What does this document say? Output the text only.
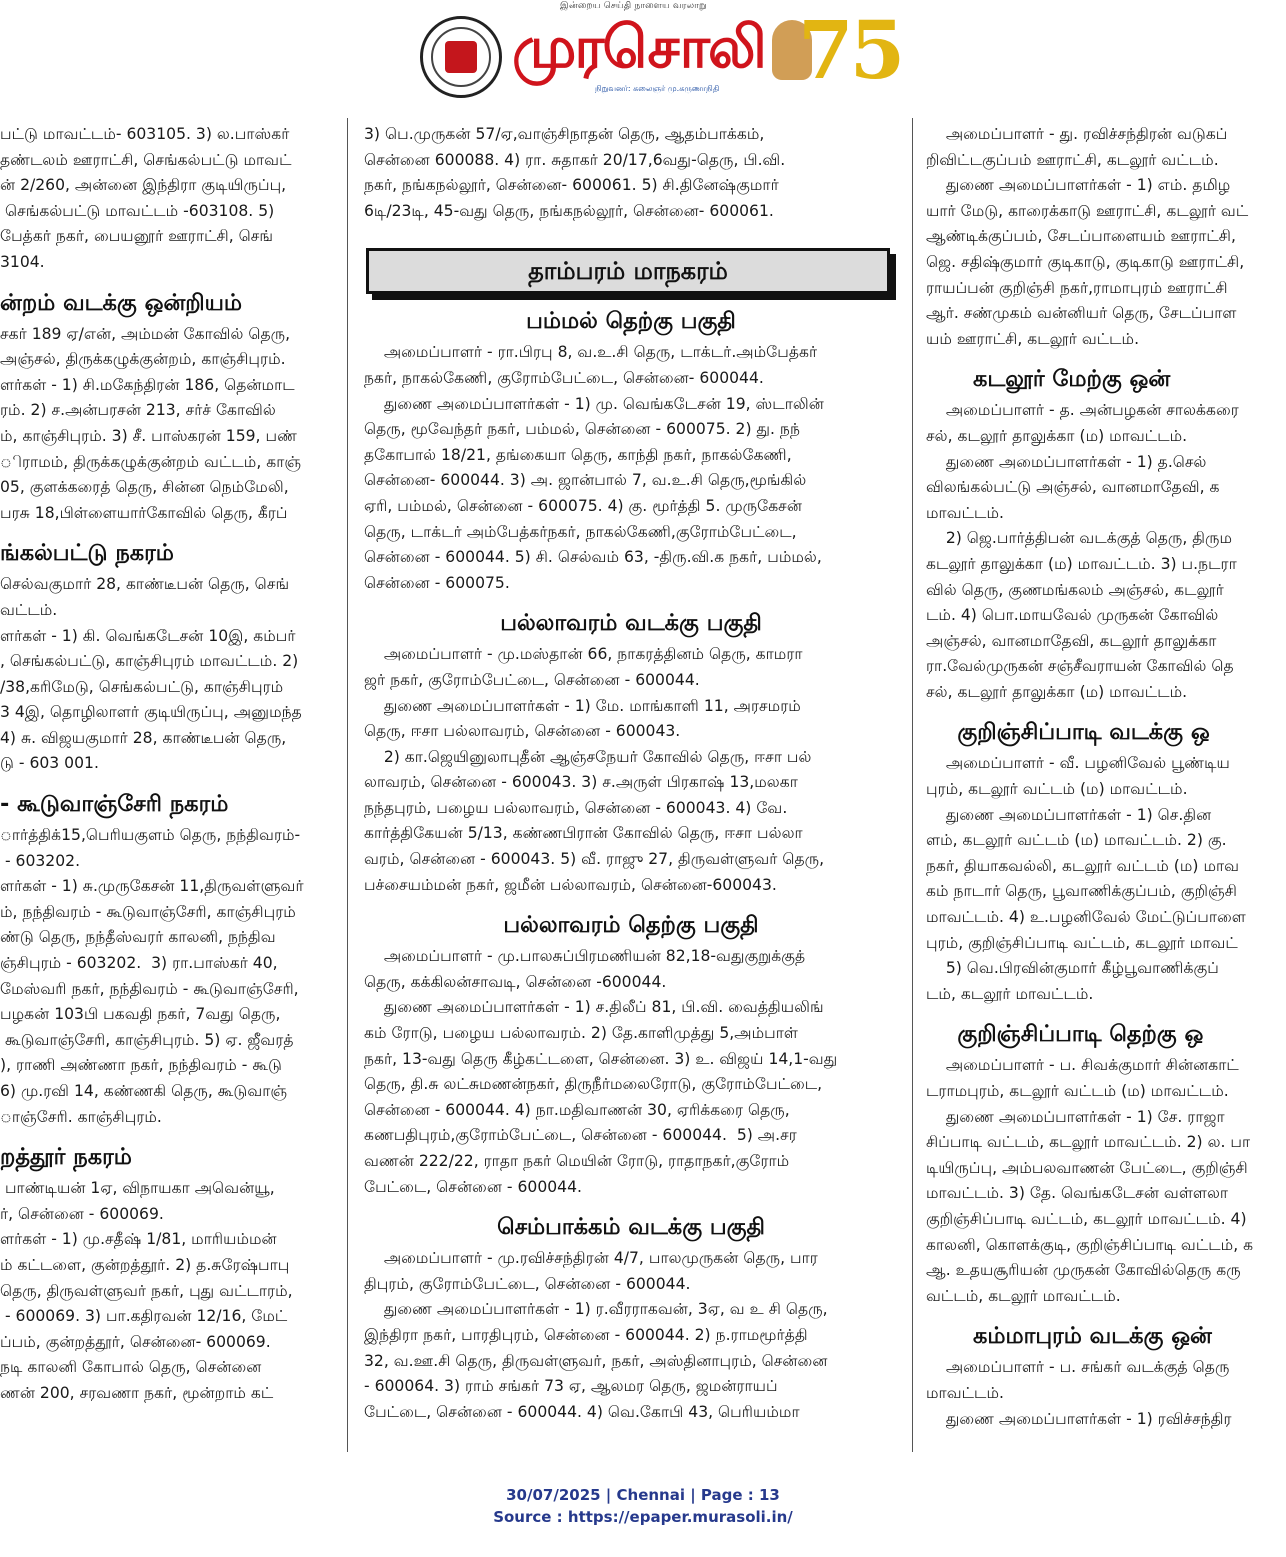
இன்றைய செய்தி நாளைய வரலாறு
முரசொலி
நிறுவனர்: கலைஞர் மு.கருணாநிதி 75
பட்டு மாவட்டம்- 603105. 3) ல.பாஸ்கர்
தண்டலம் ஊராட்சி, செங்கல்பட்டு மாவட்
ன் 2/260, அன்னை இந்திரா குடியிருப்பு,
செங்கல்பட்டு மாவட்டம் -603108. 5)
பேத்கர் நகர், பையனூர் ஊராட்சி, செங்
3104.
ன்றம் வடக்கு ஒன்றியம்
சகர் 189 ஏ/என், அம்மன் கோவில் தெரு,
அஞ்சல், திருக்கழுக்குன்றம், காஞ்சிபுரம்.
ளர்கள் - 1) சி.மகேந்திரன் 186, தென்மாட
ரம். 2) ச.அன்பரசன் 213, சர்ச் கோவில்
ம், காஞ்சிபுரம். 3) சீ. பாஸ்கரன் 159, பண்
ிராமம், திருக்கழுக்குன்றம் வட்டம், காஞ்
05, குளக்கரைத் தெரு, சின்ன நெம்மேலி,
பரசு 18,பிள்ளையார்கோவில் தெரு, கீரப்
ங்கல்பட்டு நகரம்
செல்வகுமார் 28, காண்டீபன் தெரு, செங்
வட்டம்.
ளர்கள் - 1) கி. வெங்கடேசன் 10இ, கம்பர்
, செங்கல்பட்டு, காஞ்சிபுரம் மாவட்டம். 2)
/38,கரிமேடு, செங்கல்பட்டு, காஞ்சிபுரம்
3 4இ, தொழிலாளர் குடியிருப்பு, அனுமந்த
4) சு. விஜயகுமார் 28, காண்டீபன் தெரு,
டு - 603 001.
- கூடுவாஞ்சேரி நகரம்
ார்த்திக்15,பெரியகுளம் தெரு, நந்திவரம்-
- 603202.
ளர்கள் - 1) சு.முருகேசன் 11,திருவள்ளுவர்
ம், நந்திவரம் - கூடுவாஞ்சேரி, காஞ்சிபுரம்
ண்டு தெரு, நந்தீஸ்வரர் காலனி, நந்திவ
ஞ்சிபுரம் - 603202.  3) ரா.பாஸ்கர் 40,
மேஸ்வரி நகர், நந்திவரம் - கூடுவாஞ்சேரி,
பழகன் 103பி பகவதி நகர், 7வது தெரு,
கூடுவாஞ்சேரி, காஞ்சிபுரம். 5) ஏ. ஜீவரத்
), ராணி அண்ணா நகர், நந்திவரம் - கூடு
6) மு.ரவி 14, கண்ணகி தெரு, கூடுவாஞ்
ாஞ்சேரி. காஞ்சிபுரம்.
றத்தூர் நகரம்
பாண்டியன் 1ஏ, விநாயகா அவென்யூ,
ர், சென்னை - 600069.
ளர்கள் - 1) மு.சதீஷ் 1/81, மாரியம்மன்
ம் கட்டளை, குன்றத்தூர். 2) த.சுரேஷ்பாபு
தெரு, திருவள்ளுவர் நகர், புது வட்டாரம்,
- 600069. 3) பா.கதிரவன் 12/16, மேட்
ப்பம், குன்றத்தூர், சென்னை- 600069.
நடி காலனி கோபால் தெரு, சென்னை
ணன் 200, சரவணா நகர், மூன்றாம் கட்
3) பெ.முருகன் 57/ஏ,வாஞ்சிநாதன் தெரு, ஆதம்பாக்கம்,
சென்னை 600088. 4) ரா. சுதாகர் 20/17,6வது-தெரு, பி.வி.
நகர், நங்கநல்லூர், சென்னை- 600061. 5) சி.தினேஷ்குமார்
6டி/23டி, 45-வது தெரு, நங்கநல்லூர், சென்னை- 600061.
தாம்பரம் மாநகரம்
பம்மல் தெற்கு பகுதி
அமைப்பாளர் - ரா.பிரபு 8, வ.உ.சி தெரு, டாக்டர்.அம்பேத்கர்
நகர், நாகல்கேணி, குரோம்பேட்டை, சென்னை- 600044.
துணை அமைப்பாளர்கள் - 1) மு. வெங்கடேசன் 19, ஸ்டாலின்
தெரு, மூவேந்தர் நகர், பம்மல், சென்னை - 600075. 2) து. நந்
தகோபால் 18/21, தங்கையா தெரு, காந்தி நகர், நாகல்கேணி,
சென்னை- 600044. 3) அ. ஜான்பால் 7, வ.உ.சி தெரு,மூங்கில்
ஏரி, பம்மல், சென்னை - 600075. 4) கு. மூர்த்தி 5. முருகேசன்
தெரு, டாக்டர் அம்பேத்கர்நகர், நாகல்கேணி,குரோம்பேட்டை,
சென்னை - 600044. 5) சி. செல்வம் 63, -திரு.வி.க நகர், பம்மல்,
சென்னை - 600075.
பல்லாவரம் வடக்கு பகுதி
அமைப்பாளர் - மு.மஸ்தான் 66, நாகரத்தினம் தெரு, காமரா
ஜர் நகர், குரோம்பேட்டை, சென்னை - 600044.
துணை அமைப்பாளர்கள் - 1) மே. மாங்காளி 11, அரசமரம்
தெரு, ஈசா பல்லாவரம், சென்னை - 600043.
2) கா.ஜெயினுலாபுதீன் ஆஞ்சநேயர் கோவில் தெரு, ஈசா பல்
லாவரம், சென்னை - 600043. 3) ச.அருள் பிரகாஷ் 13,மலகா
நந்தபுரம், பழைய பல்லாவரம், சென்னை - 600043. 4) வே.
கார்த்திகேயன் 5/13, கண்ணபிரான் கோவில் தெரு, ஈசா பல்லா
வரம், சென்னை - 600043. 5) வீ. ராஜு 27, திருவள்ளுவர் தெரு,
பச்சையம்மன் நகர், ஜமீன் பல்லாவரம், சென்னை-600043.
பல்லாவரம் தெற்கு பகுதி
அமைப்பாளர் - மு.பாலசுப்பிரமணியன் 82,18-வதுகுறுக்குத்
தெரு, கக்கிலன்சாவடி, சென்னை -600044.
துணை அமைப்பாளர்கள் - 1) ச.திலீப் 81, பி.வி. வைத்தியலிங்
கம் ரோடு, பழைய பல்லாவரம். 2) தே.காளிமுத்து 5,அம்பாள்
நகர், 13-வது தெரு கீழ்கட்டளை, சென்னை. 3) உ. விஜய் 14,1-வது
தெரு, தி.சு லட்சுமணன்நகர், திருநீர்மலைரோடு, குரோம்பேட்டை,
சென்னை - 600044. 4) நா.மதிவாணன் 30, ஏரிக்கரை தெரு,
கணபதிபுரம்,குரோம்பேட்டை, சென்னை - 600044.  5) அ.சர
வணன் 222/22, ராதா நகர் மெயின் ரோடு, ராதாநகர்,குரோம்
பேட்டை, சென்னை - 600044.
செம்பாக்கம் வடக்கு பகுதி
அமைப்பாளர் - மு.ரவிச்சந்திரன் 4/7, பாலமுருகன் தெரு, பார
திபுரம், குரோம்பேட்டை, சென்னை - 600044.
துணை அமைப்பாளர்கள் - 1) ர.வீரராகவன், 3ஏ, வ உ சி தெரு,
இந்திரா நகர், பாரதிபுரம், சென்னை - 600044. 2) ந.ராமமூர்த்தி
32, வ.ஊ.சி தெரு, திருவள்ளுவர், நகர், அஸ்தினாபுரம், சென்னை
- 600064. 3) ராம் சங்கர் 73 ஏ, ஆலமர தெரு, ஜமன்ராயப்
பேட்டை, சென்னை - 600044. 4) வெ.கோபி 43, பெரியம்மா
அமைப்பாளர் - து. ரவிச்சந்திரன் வடுகப்
றிவிட்டகுப்பம் ஊராட்சி, கடலூர் வட்டம்.
துணை அமைப்பாளர்கள் - 1) எம். தமிழ
யார் மேடு, காரைக்காடு ஊராட்சி, கடலூர் வட்
ஆண்டிக்குப்பம், சேடப்பாளையம் ஊராட்சி,
ஜெ. சதிஷ்குமார் குடிகாடு, குடிகாடு ஊராட்சி,
ராயப்பன் குறிஞ்சி நகர்,ராமாபுரம் ஊராட்சி
ஆர். சண்முகம் வன்னியர் தெரு, சேடப்பாள
யம் ஊராட்சி, கடலூர் வட்டம்.
கடலூர் மேற்கு ஒன்
அமைப்பாளர் - த. அன்பழகன் சாலக்கரை
சல், கடலூர் தாலுக்கா (ம) மாவட்டம்.
துணை அமைப்பாளர்கள் - 1) த.செல்
விலங்கல்பட்டு அஞ்சல், வானமாதேவி, க
மாவட்டம்.
2) ஜெ.பார்த்திபன் வடக்குத் தெரு, திரும
கடலூர் தாலுக்கா (ம) மாவட்டம். 3) ப.நடரா
வில் தெரு, குணமங்கலம் அஞ்சல், கடலூர்
டம். 4) பொ.மாயவேல் முருகன் கோவில்
அஞ்சல், வானமாதேவி, கடலூர் தாலுக்கா
ரா.வேல்முருகன் சஞ்சீவராயன் கோவில் தெ
சல், கடலூர் தாலுக்கா (ம) மாவட்டம்.
குறிஞ்சிப்பாடி வடக்கு ஒ
அமைப்பாளர் - வீ. பழனிவேல் பூண்டிய
புரம், கடலூர் வட்டம் (ம) மாவட்டம்.
துணை அமைப்பாளர்கள் - 1) செ.தின
ளம், கடலூர் வட்டம் (ம) மாவட்டம். 2) கு.
நகர், தியாகவல்லி, கடலூர் வட்டம் (ம) மாவ
கம் நாடார் தெரு, பூவாணிக்குப்பம், குறிஞ்சி
மாவட்டம். 4) உ.பழனிவேல் மேட்டுப்பாளை
புரம், குறிஞ்சிப்பாடி வட்டம், கடலூர் மாவட்
5) வெ.பிரவின்குமார் கீழ்பூவாணிக்குப்
டம், கடலூர் மாவட்டம்.
குறிஞ்சிப்பாடி தெற்கு ஒ
அமைப்பாளர் - ப. சிவக்குமார் சின்னகாட்
டராமபுரம், கடலூர் வட்டம் (ம) மாவட்டம்.
துணை அமைப்பாளர்கள் - 1) சே. ராஜா
சிப்பாடி வட்டம், கடலூர் மாவட்டம். 2) ல. பா
டியிருப்பு, அம்பலவாணன் பேட்டை, குறிஞ்சி
மாவட்டம். 3) தே. வெங்கடேசன் வள்ளலா
குறிஞ்சிப்பாடி வட்டம், கடலூர் மாவட்டம். 4)
காலனி, கொளக்குடி, குறிஞ்சிப்பாடி வட்டம், க
ஆ. உதயசூரியன் முருகன் கோவில்தெரு கரு
வட்டம், கடலூர் மாவட்டம்.
கம்மாபுரம் வடக்கு ஒன்
அமைப்பாளர் - ப. சங்கர் வடக்குத் தெரு
மாவட்டம்.
துணை அமைப்பாளர்கள் - 1) ரவிச்சந்திர
30/07/2025 | Chennai | Page : 13
Source : https://epaper.murasoli.in/
